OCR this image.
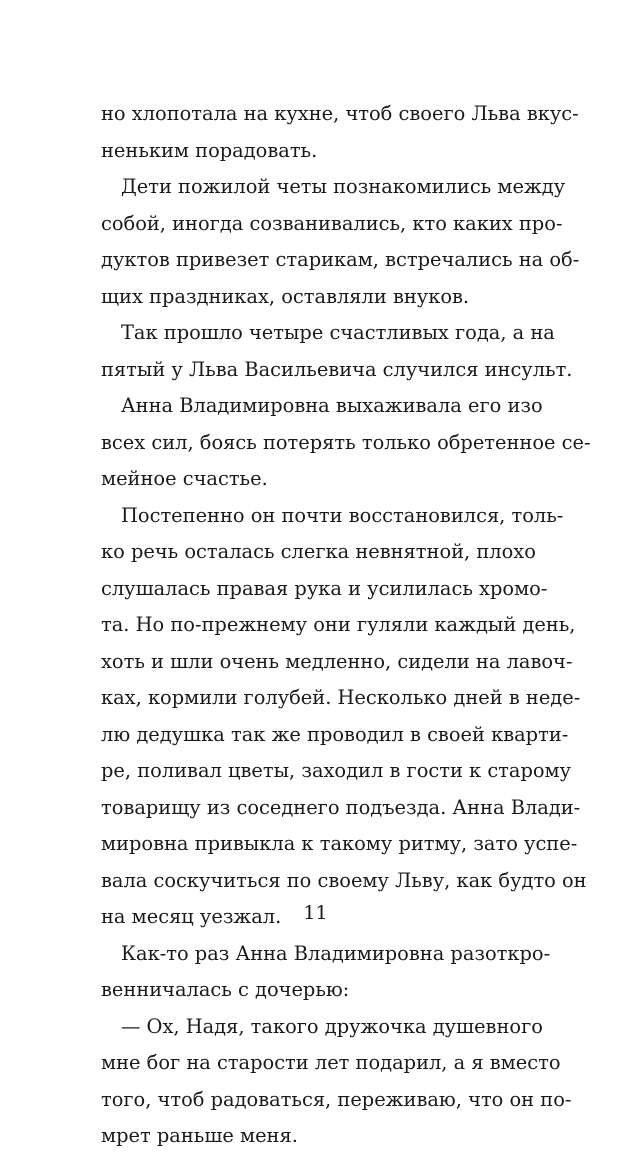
но хлопотала на кухне, чтоб своего Льва вкус-
неньким порадовать.
Дети пожилой четы познакомились между
собой, иногда созванивались, кто каких про-
дуктов привезет старикам, встречались на об-
щих праздниках, оставляли внуков.
Так прошло четыре счастливых года, а на
пятый у Льва Васильевича случился инсульт.
Анна Владимировна выхаживала его изо
всех сил, боясь потерять только обретенное се-
мейное счастье.
Постепенно он почти восстановился, толь-
ко речь осталась слегка невнятной, плохо
слушалась правая рука и усилилась хромо-
та. Но по-прежнему они гуляли каждый день,
хоть и шли очень медленно, сидели на лавоч-
ках, кормили голубей. Несколько дней в неде-
лю дедушка так же проводил в своей кварти-
ре, поливал цветы, заходил в гости к старому
товарищу из соседнего подъезда. Анна Влади-
мировна привыкла к такому ритму, зато успе-
вала соскучиться по своему Льву, как будто он
на месяц уезжал.
Как-то раз Анна Владимировна разоткро-
венничалась с дочерью:
— Ох, Надя, такого дружочка душевного
мне бог на старости лет подарил, а я вместо
того, чтоб радоваться, переживаю, что он по-
мрет раньше меня.
11
